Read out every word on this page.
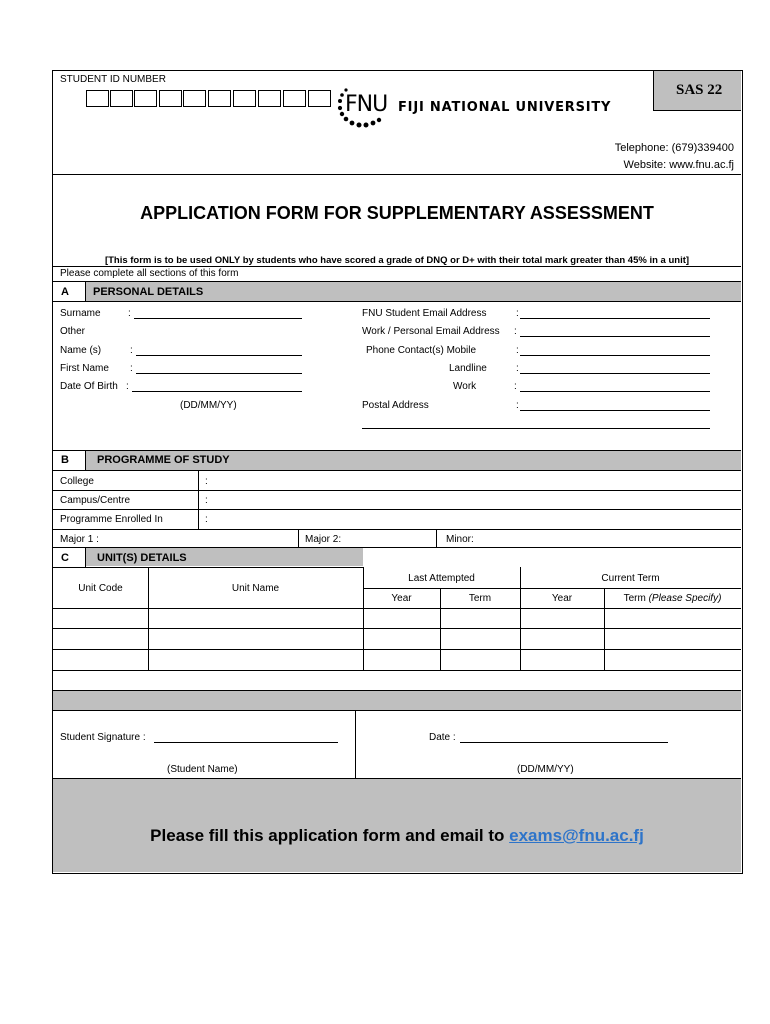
STUDENT ID NUMBER
FNU FIJI NATIONAL UNIVERSITY
SAS 22
Telephone: (679)339400
Website: www.fnu.ac.fj
APPLICATION FORM FOR SUPPLEMENTARY ASSESSMENT
[This form is to be used ONLY by students who have scored a grade of DNQ or D+ with their total mark greater than 45% in a unit]
Please complete all sections of this form
A PERSONAL DETAILS
Surname	:
Other
Name (s)	:
First Name :
Date Of Birth :
(DD/MM/YY)
FNU Student Email Address	:
Work / Personal Email Address :
Phone Contact(s) Mobile	:
Landline	:
Work	:
Postal Address	:
B	PROGRAMME OF STUDY
College	:
Campus/Centre	:
Programme Enrolled In	:
Major 1 :	Major 2:	Minor:
C	UNIT(S) DETAILS
Unit Code	Unit Name
Last Attempted	Current Term
Year	Term	Year	Term (Please Specify)
Student Signature :
(Student Name)
Date :
(DD/MM/YY)
Please fill this application form and email to exams@fnu.ac.fj
